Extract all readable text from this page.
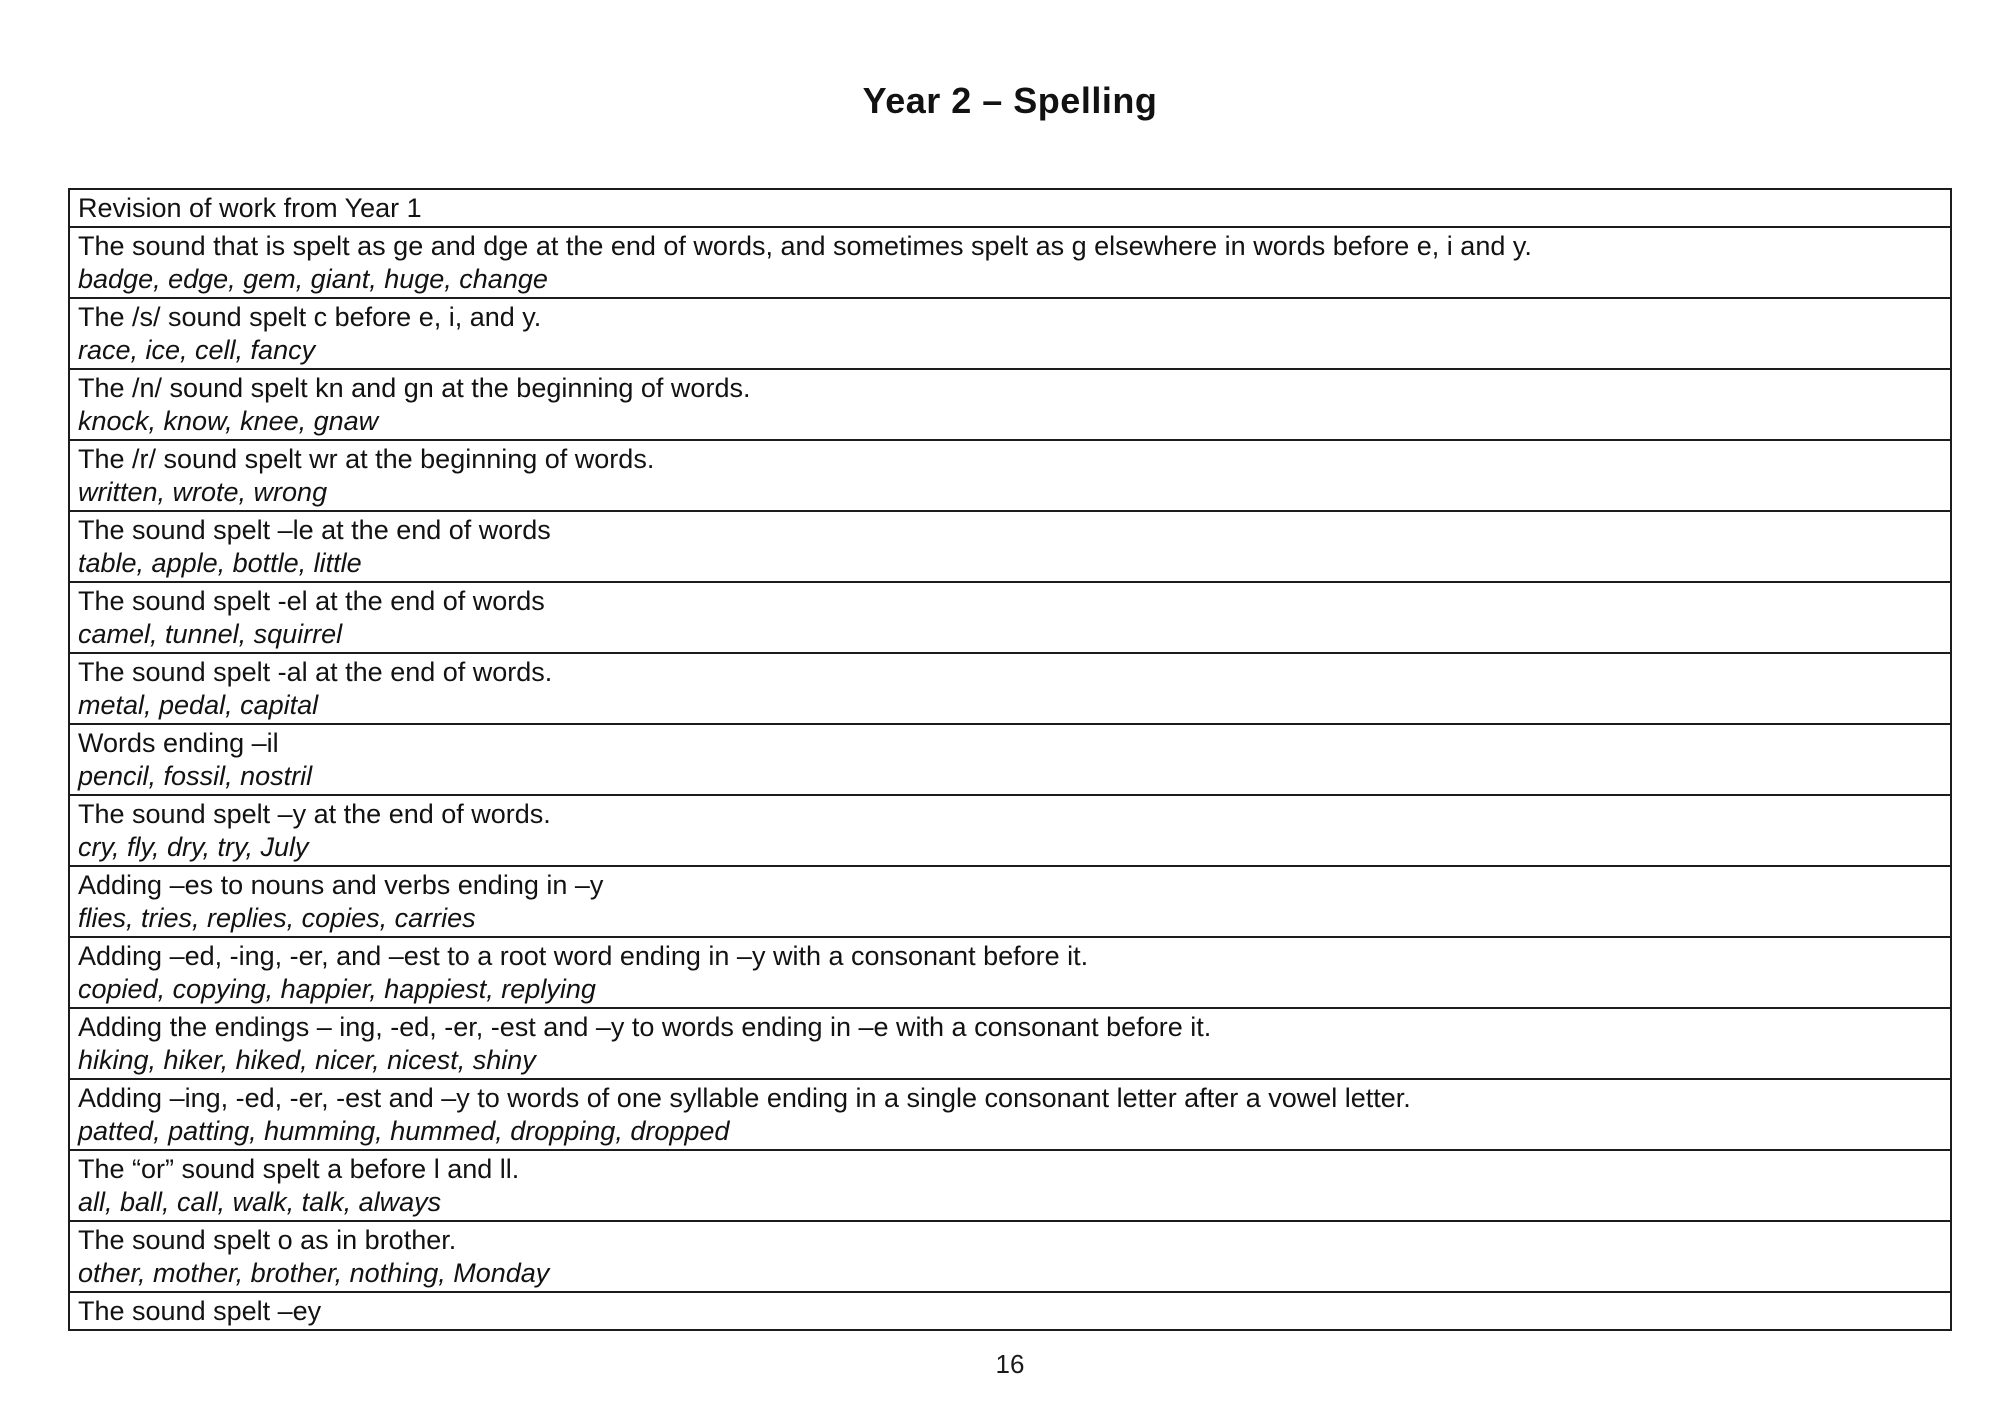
Year 2 – Spelling
Revision of work from Year 1
The sound that is spelt as ge and dge at the end of words, and sometimes spelt as g elsewhere in words before e, i and y.
badge, edge, gem, giant, huge, change
The /s/ sound spelt c before e, i, and y.
race, ice, cell, fancy
The /n/ sound spelt kn and gn at the beginning of words.
knock, know, knee, gnaw
The /r/ sound spelt wr at the beginning of words.
written, wrote, wrong
The sound spelt –le at the end of words
table, apple, bottle, little
The sound spelt -el at the end of words
camel, tunnel, squirrel
The sound spelt -al at the end of words.
metal, pedal, capital
Words ending –il
pencil, fossil, nostril
The sound spelt –y at the end of words.
cry, fly, dry, try, July
Adding –es to nouns and verbs ending in –y
flies, tries, replies, copies, carries
Adding –ed, -ing, -er, and –est to a root word ending in –y with a consonant before it.
copied, copying, happier, happiest, replying
Adding the endings – ing, -ed, -er, -est and –y to words ending in –e with a consonant before it.
hiking, hiker, hiked, nicer, nicest, shiny
Adding –ing, -ed, -er, -est and –y to words of one syllable ending in a single consonant letter after a vowel letter.
patted, patting, humming, hummed, dropping, dropped
The “or” sound spelt a before l and ll.
all, ball, call, walk, talk, always
The sound spelt o as in brother.
other, mother, brother, nothing, Monday
The sound spelt –ey
16
